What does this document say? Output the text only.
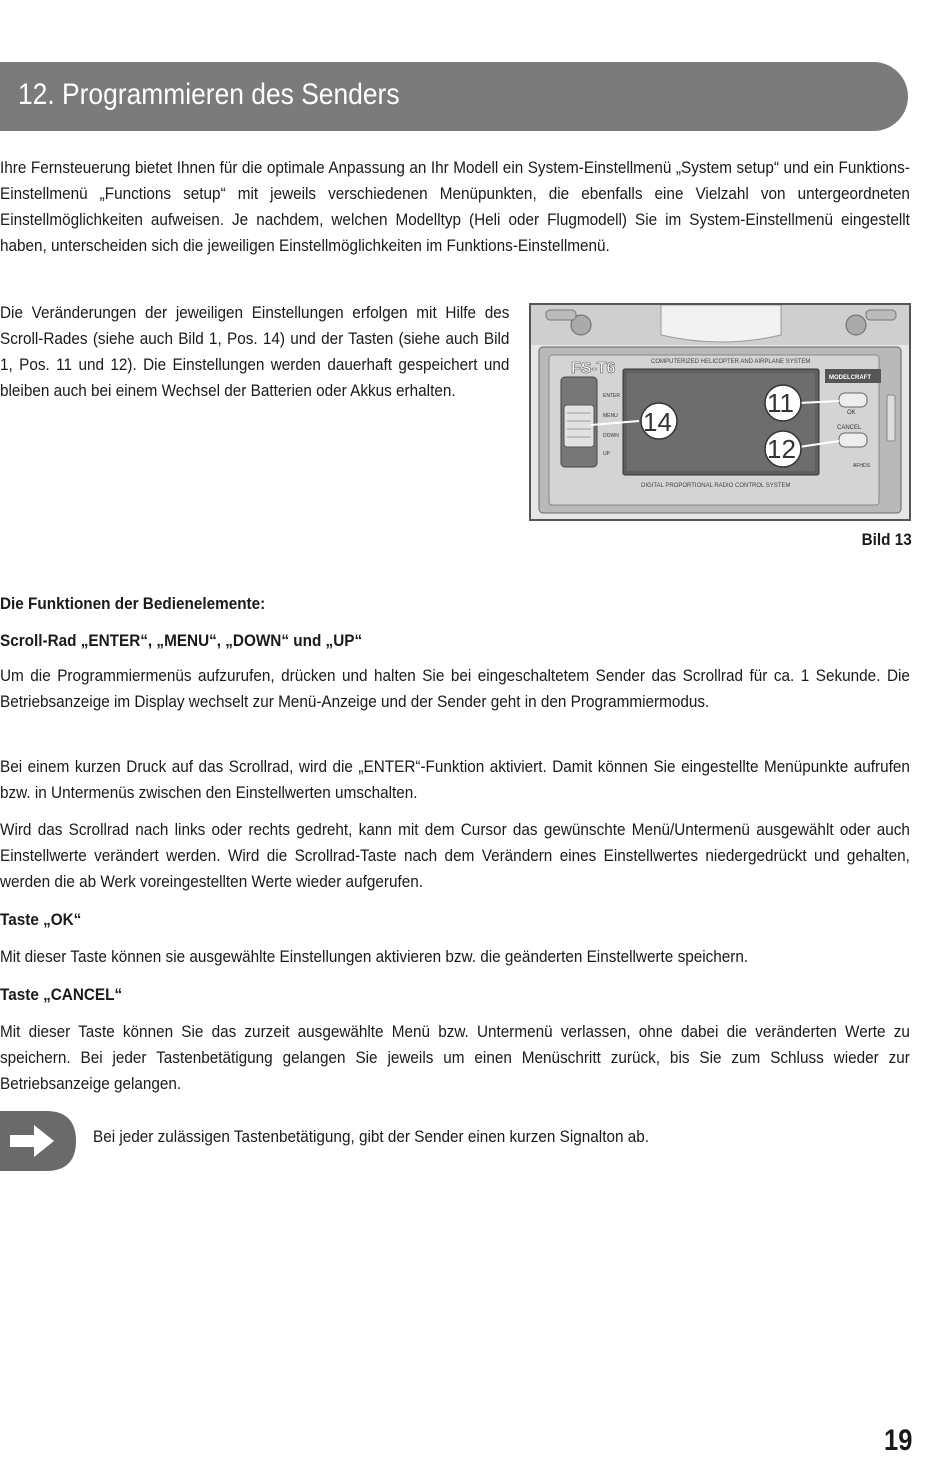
12. Programmieren des Senders
Ihre Fernsteuerung bietet Ihnen für die optimale Anpassung an Ihr Modell ein System-Einstellmenü „System setup“ und ein Funktions-Einstellmenü „Functions setup“ mit jeweils verschiedenen Menüpunkten, die ebenfalls eine Vielzahl von untergeordneten Einstellmöglichkeiten aufweisen. Je nachdem, welchen Modelltyp (Heli oder Flugmodell) Sie im System-Einstellmenü eingestellt haben, unterscheiden sich die jeweiligen Einstellmöglichkeiten im Funktions-Einstellmenü.
Die Veränderungen der jeweiligen Einstellungen erfolgen mit Hilfe des Scroll-Rades (siehe auch Bild 1, Pos. 14) und der Tasten (siehe auch Bild 1, Pos. 11 und 12). Die Einstellungen werden dauerhaft gespeichert und bleiben auch bei einem Wechsel der Batterien oder Akkus erhalten.
COMPUTERIZED HELICOPTER AND AIRPLANE SYSTEM
FS-T6
ENTER
MENU
DOWN
UP
MODELCRAFT
OK
CANCEL
AFHDS
DIGITAL PROPORTIONAL RADIO CONTROL SYSTEM
14
11
12
Bild 13
Die Funktionen der Bedienelemente:
Scroll-Rad „ENTER“, „MENU“, „DOWN“ und „UP“
Um die Programmiermenüs aufzurufen, drücken und halten Sie bei eingeschaltetem Sender das Scrollrad für ca. 1 Sekunde. Die Betriebsanzeige im Display wechselt zur Menü-Anzeige und der Sender geht in den Programmiermodus.
Bei einem kurzen Druck auf das Scrollrad, wird die „ENTER“-Funktion aktiviert. Damit können Sie eingestellte Menüpunkte aufrufen bzw. in Untermenüs zwischen den Einstellwerten umschalten.
Wird das Scrollrad nach links oder rechts gedreht, kann mit dem Cursor das gewünschte Menü/Untermenü ausgewählt oder auch Einstellwerte verändert werden. Wird die Scrollrad-Taste nach dem Verändern eines Einstellwertes niedergedrückt und gehalten, werden die ab Werk voreingestellten Werte wieder aufgerufen.
Taste „OK“
Mit dieser Taste können sie ausgewählte Einstellungen aktivieren bzw. die geänderten Einstellwerte speichern.
Taste „CANCEL“
Mit dieser Taste können Sie das zurzeit ausgewählte Menü bzw. Untermenü verlassen, ohne dabei die veränderten Werte zu speichern. Bei jeder Tastenbetätigung gelangen Sie jeweils um einen Menüschritt zurück, bis Sie zum Schluss wieder zur Betriebsanzeige gelangen.
Bei jeder zulässigen Tastenbetätigung, gibt der Sender einen kurzen Signalton ab.
19
